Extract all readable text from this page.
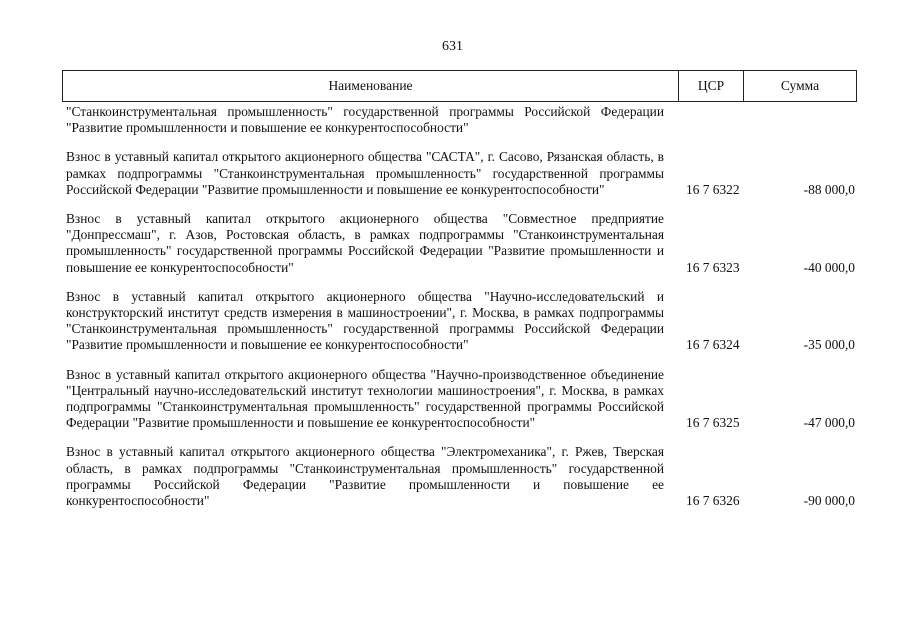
631
Наименование	ЦСР	Сумма
"Станкоинструментальная промышленность" государственной программы Российской Федерации "Развитие промышленности и повышение ее конкурентоспособности"
Взнос в уставный капитал открытого акционерного общества "САСТА", г. Сасово, Рязанская область, в рамках подпрограммы "Станкоинструментальная промышленность" государственной программы Российской Федерации "Развитие промышленности и повышение ее конкурентоспособности"	16 7 6322	-88 000,0
Взнос в уставный капитал открытого акционерного общества "Совместное предприятие "Донпрессмаш", г. Азов, Ростовская область, в рамках подпрограммы "Станкоинструментальная промышленность" государственной программы Российской Федерации "Развитие промышленности и повышение ее конкурентоспособности"	16 7 6323	-40 000,0
Взнос в уставный капитал открытого акционерного общества "Научно-исследовательский и конструкторский институт средств измерения в машиностроении", г. Москва, в рамках подпрограммы "Станкоинструментальная промышленность" государственной программы Российской Федерации "Развитие промышленности и повышение ее конкурентоспособности"	16 7 6324	-35 000,0
Взнос в уставный капитал открытого акционерного общества "Научно-производственное объединение "Центральный научно-исследовательский институт технологии машиностроения", г. Москва, в рамках подпрограммы "Станкоинструментальная промышленность" государственной программы Российской Федерации "Развитие промышленности и повышение ее конкурентоспособности"	16 7 6325	-47 000,0
Взнос в уставный капитал открытого акционерного общества "Электромеханика", г. Ржев, Тверская область, в рамках подпрограммы "Станкоинструментальная промышленность" государственной программы Российской Федерации "Развитие промышленности и повышение ее конкурентоспособности"	16 7 6326	-90 000,0
